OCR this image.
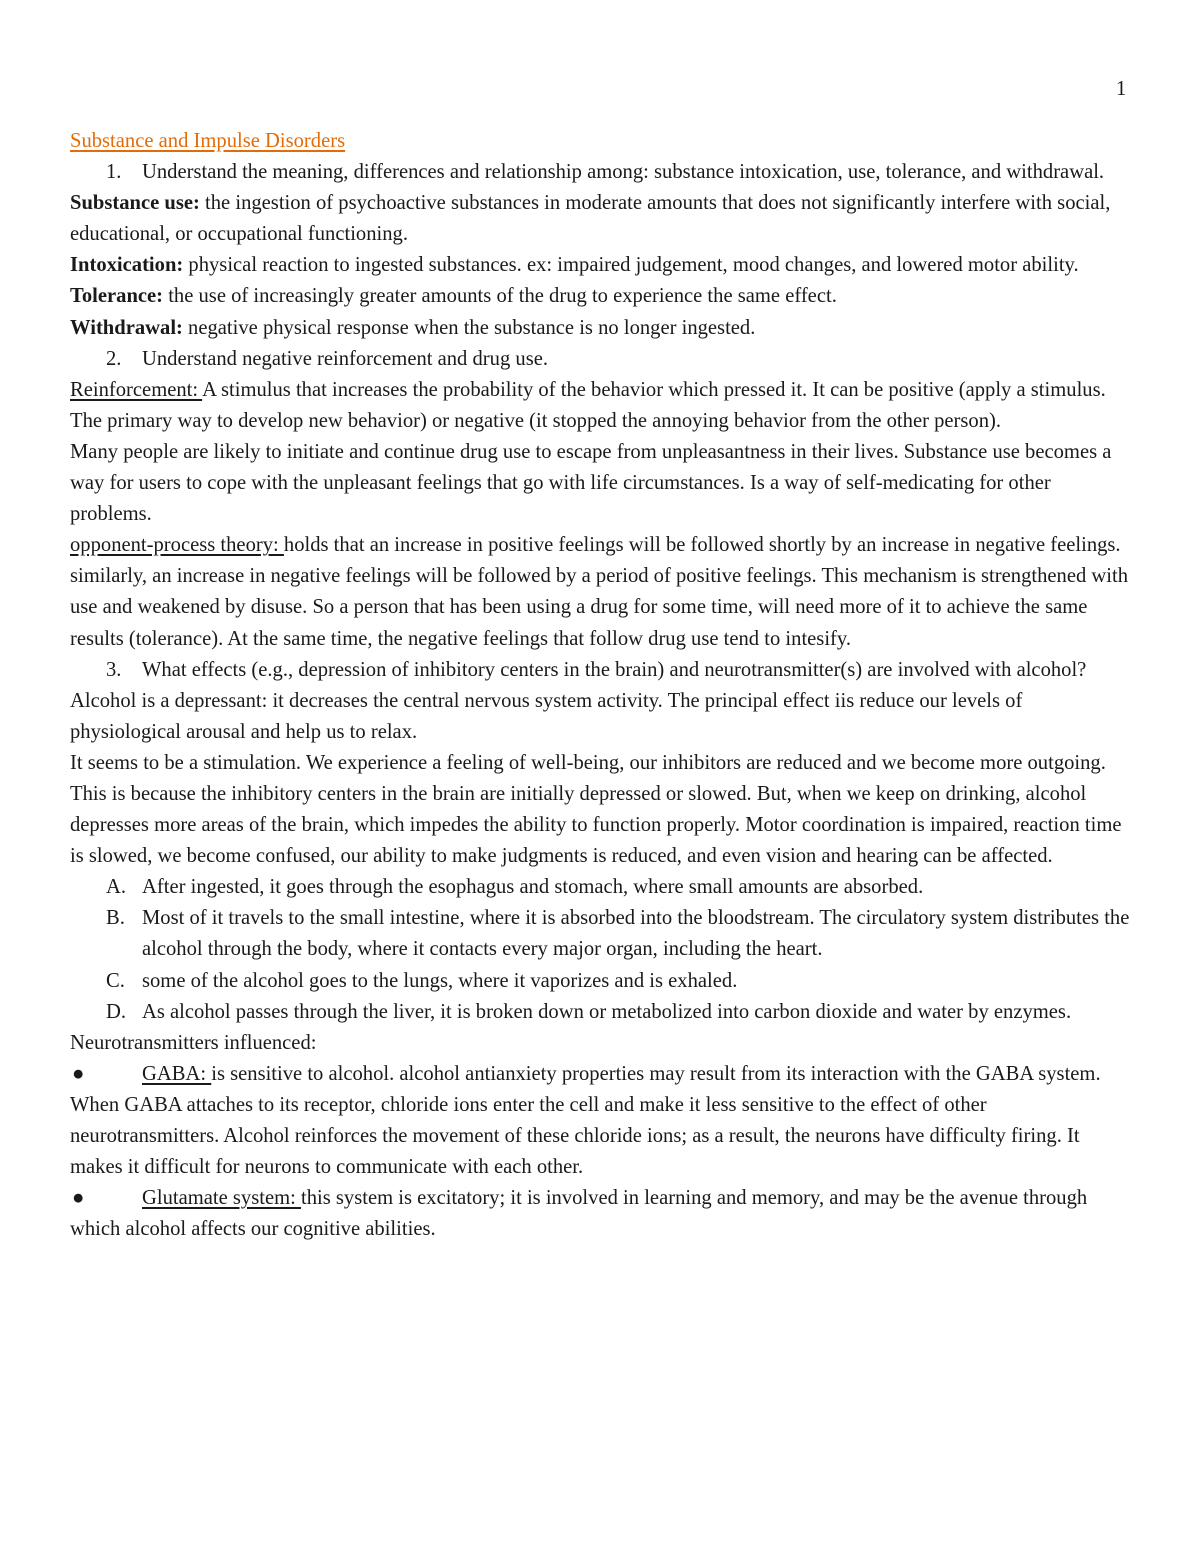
1
Substance and Impulse Disorders
1. Understand the meaning, differences and relationship among: substance intoxication, use, tolerance, and withdrawal.

Substance use: the ingestion of psychoactive substances in moderate amounts that does not significantly interfere with social, educational, or occupational functioning.

Intoxication: physical reaction to ingested substances. ex: impaired judgement, mood changes, and lowered motor ability.

Tolerance: the use of increasingly greater amounts of the drug to experience the same effect.

Withdrawal: negative physical response when the substance is no longer ingested.

2. Understand negative reinforcement and drug use.

Reinforcement: A stimulus that increases the probability of the behavior which pressed it. It can be positive (apply a stimulus. The primary way to develop new behavior) or negative (it stopped the annoying behavior from the other person).

Many people are likely to initiate and continue drug use to escape from unpleasantness in their lives. Substance use becomes a way for users to cope with the unpleasant feelings that go with life circumstances. Is a way of self-medicating for other problems.

opponent-process theory: holds that an increase in positive feelings will be followed shortly by an increase in negative feelings. similarly, an increase in negative feelings will be followed by a period of positive feelings. This mechanism is strengthened with use and weakened by disuse. So a person that has been using a drug for some time, will need more of it to achieve the same results (tolerance). At the same time, the negative feelings that follow drug use tend to intesify.

3. What effects (e.g., depression of inhibitory centers in the brain) and neurotransmitter(s) are involved with alcohol?

Alcohol is a depressant: it decreases the central nervous system activity. The principal effect iis reduce our levels of physiological arousal and help us to relax.

It seems to be a stimulation. We experience a feeling of well-being, our inhibitors are reduced and we become more outgoing. This is because the inhibitory centers in the brain are initially depressed or slowed. But, when we keep on drinking, alcohol depresses more areas of the brain, which impedes the ability to function properly. Motor coordination is impaired, reaction time is slowed, we become confused, our ability to make judgments is reduced, and even vision and hearing can be affected.

A. After ingested, it goes through the esophagus and stomach, where small amounts are absorbed.
B. Most of it travels to the small intestine, where it is absorbed into the bloodstream. The circulatory system distributes the alcohol through the body, where it contacts every major organ, including the heart.
C. some of the alcohol goes to the lungs, where it vaporizes and is exhaled.
D. As alcohol passes through the liver, it is broken down or metabolized into carbon dioxide and water by enzymes.

Neurotransmitters influenced:

●	GABA: is sensitive to alcohol. alcohol antianxiety properties may result from its interaction with the GABA system. When GABA attaches to its receptor, chloride ions enter the cell and make it less sensitive to the effect of other neurotransmitters. Alcohol reinforces the movement of these chloride ions; as a result, the neurons have difficulty firing. It makes it difficult for neurons to communicate with each other.

●	Glutamate system: this system is excitatory; it is involved in learning and memory, and may be the avenue through which alcohol affects our cognitive abilities.
